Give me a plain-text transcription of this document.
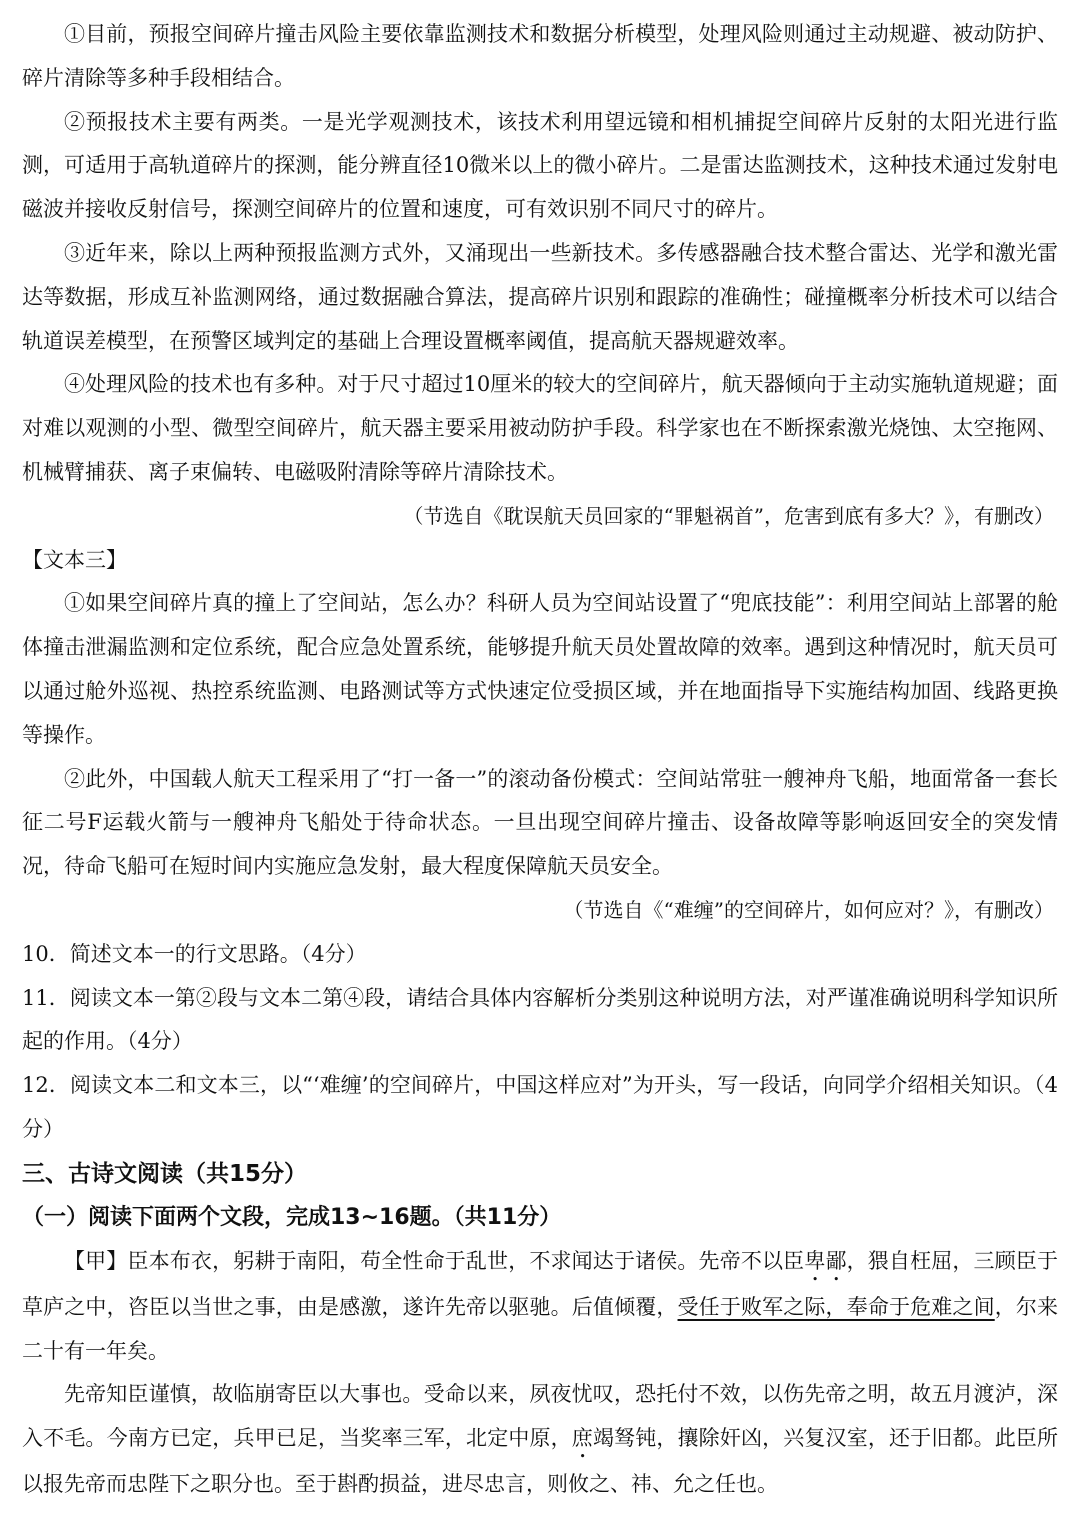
①目前，预报空间碎片撞击风险主要依靠监测技术和数据分析模型，处理风险则通过主动规避、被动防护、碎片清除等多种手段相结合。

②预报技术主要有两类。一是光学观测技术，该技术利用望远镜和相机捕捉空间碎片反射的太阳光进行监测，可适用于高轨道碎片的探测，能分辨直径10微米以上的微小碎片。二是雷达监测技术，这种技术通过发射电磁波并接收反射信号，探测空间碎片的位置和速度，可有效识别不同尺寸的碎片。

③近年来，除以上两种预报监测方式外，又涌现出一些新技术。多传感器融合技术整合雷达、光学和激光雷达等数据，形成互补监测网络，通过数据融合算法，提高碎片识别和跟踪的准确性；碰撞概率分析技术可以结合轨道误差模型，在预警区域判定的基础上合理设置概率阈值，提高航天器规避效率。

④处理风险的技术也有多种。对于尺寸超过10厘米的较大的空间碎片，航天器倾向于主动实施轨道规避；面对难以观测的小型、微型空间碎片，航天器主要采用被动防护手段。科学家也在不断探索激光烧蚀、太空拖网、机械臂捕获、离子束偏转、电磁吸附清除等碎片清除技术。

（节选自《耽误航天员回家的“罪魁祸首”，危害到底有多大？》，有删改）

【文本三】

①如果空间碎片真的撞上了空间站，怎么办？科研人员为空间站设置了“兜底技能”：利用空间站上部署的舱体撞击泄漏监测和定位系统，配合应急处置系统，能够提升航天员处置故障的效率。遇到这种情况时，航天员可以通过舱外巡视、热控系统监测、电路测试等方式快速定位受损区域，并在地面指导下实施结构加固、线路更换等操作。

②此外，中国载人航天工程采用了“打一备一”的滚动备份模式：空间站常驻一艘神舟飞船，地面常备一套长征二号F运载火箭与一艘神舟飞船处于待命状态。一旦出现空间碎片撞击、设备故障等影响返回安全的突发情况，待命飞船可在短时间内实施应急发射，最大程度保障航天员安全。

（节选自《“难缠”的空间碎片，如何应对？》，有删改）

10．简述文本一的行文思路。（4分）

11．阅读文本一第②段与文本二第④段，请结合具体内容解析分类别这种说明方法，对严谨准确说明科学知识所起的作用。（4分）

12．阅读文本二和文本三，以“‘难缠’的空间碎片，中国这样应对”为开头，写一段话，向同学介绍相关知识。（4分）

三、古诗文阅读（共15分）

（一）阅读下面两个文段，完成13~16题。（共11分）

【甲】臣本布衣，躬耕于南阳，苟全性命于乱世，不求闻达于诸侯。先帝不以臣卑鄙，猥自枉屈，三顾臣于草庐之中，咨臣以当世之事，由是感激，遂许先帝以驱驰。后值倾覆，受任于败军之际，奉命于危难之间，尔来二十有一年矣。

先帝知臣谨慎，故临崩寄臣以大事也。受命以来，夙夜忧叹，恐托付不效，以伤先帝之明，故五月渡泸，深入不毛。今南方已定，兵甲已足，当奖率三军，北定中原，庶竭驽钝，攘除奸凶，兴复汉室，还于旧都。此臣所以报先帝而忠陛下之职分也。至于斟酌损益，进尽忠言，则攸之、祎、允之任也。
